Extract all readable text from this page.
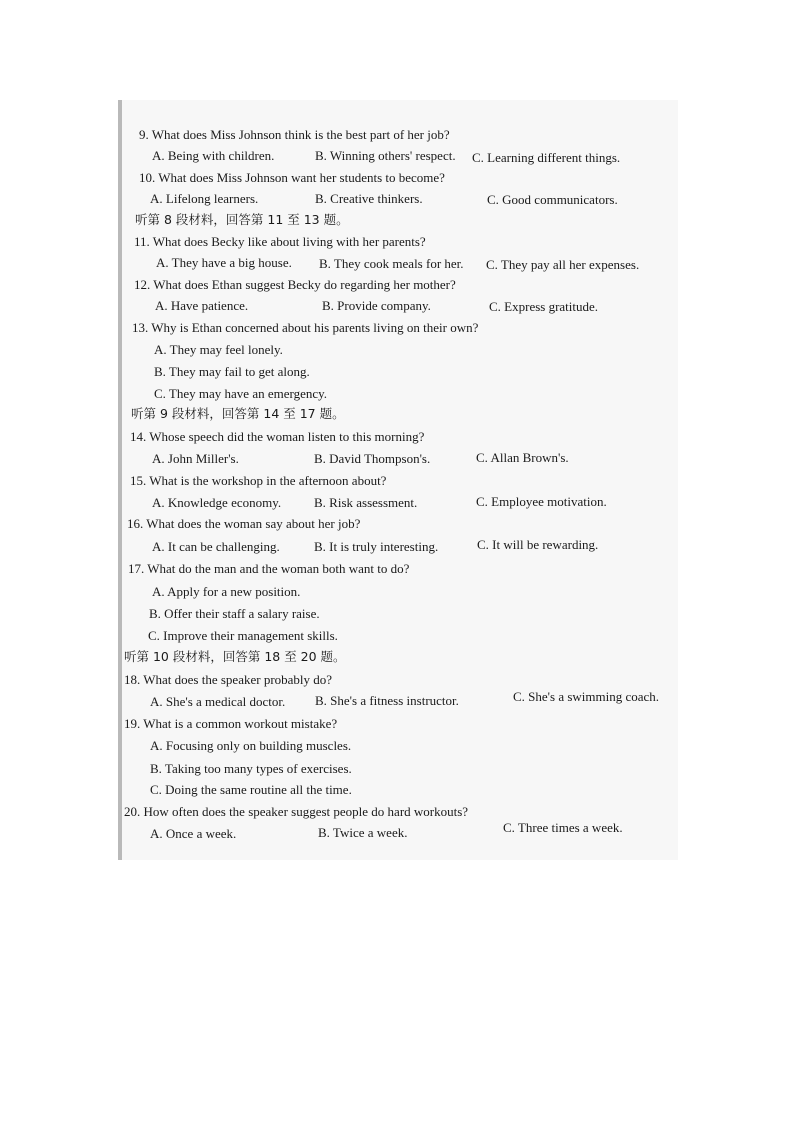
9. What does Miss Johnson think is the best part of her job?
A. Being with children.	B. Winning others' respect. C. Learning different things.
10. What does Miss Johnson want her students to become?
A. Lifelong learners.	B. Creative thinkers.	C. Good communicators.
听第 8 段材料，回答第 11 至 13 题。
11. What does Becky like about living with her parents?
A. They have a big house. B. They cook meals for her. C. They pay all her expenses.
12. What does Ethan suggest Becky do regarding her mother?
A. Have patience.	B. Provide company.	C. Express gratitude.
13. Why is Ethan concerned about his parents living on their own?
A. They may feel lonely.
B. They may fail to get along.
C. They may have an emergency.
听第 9 段材料，回答第 14 至 17 题。
14. Whose speech did the woman listen to this morning?
A. John Miller's.	B. David Thompson's.	C. Allan Brown's.
15. What is the workshop in the afternoon about?
A. Knowledge economy.	B. Risk assessment.	C. Employee motivation.
16. What does the woman say about her job?
A. It can be challenging.	B. It is truly interesting.	C. It will be rewarding.
17. What do the man and the woman both want to do?
A. Apply for a new position.
B. Offer their staff a salary raise.
C. Improve their management skills.
听第 10 段材料，回答第 18 至 20 题。
18. What does the speaker probably do?
A. She's a medical doctor. B. She's a fitness instructor.	C. She's a swimming coach.
19. What is a common workout mistake?
A. Focusing only on building muscles.
B. Taking too many types of exercises.
C. Doing the same routine all the time.
20. How often does the speaker suggest people do hard workouts?
A. Once a week.	B. Twice a week.	C. Three times a week.
